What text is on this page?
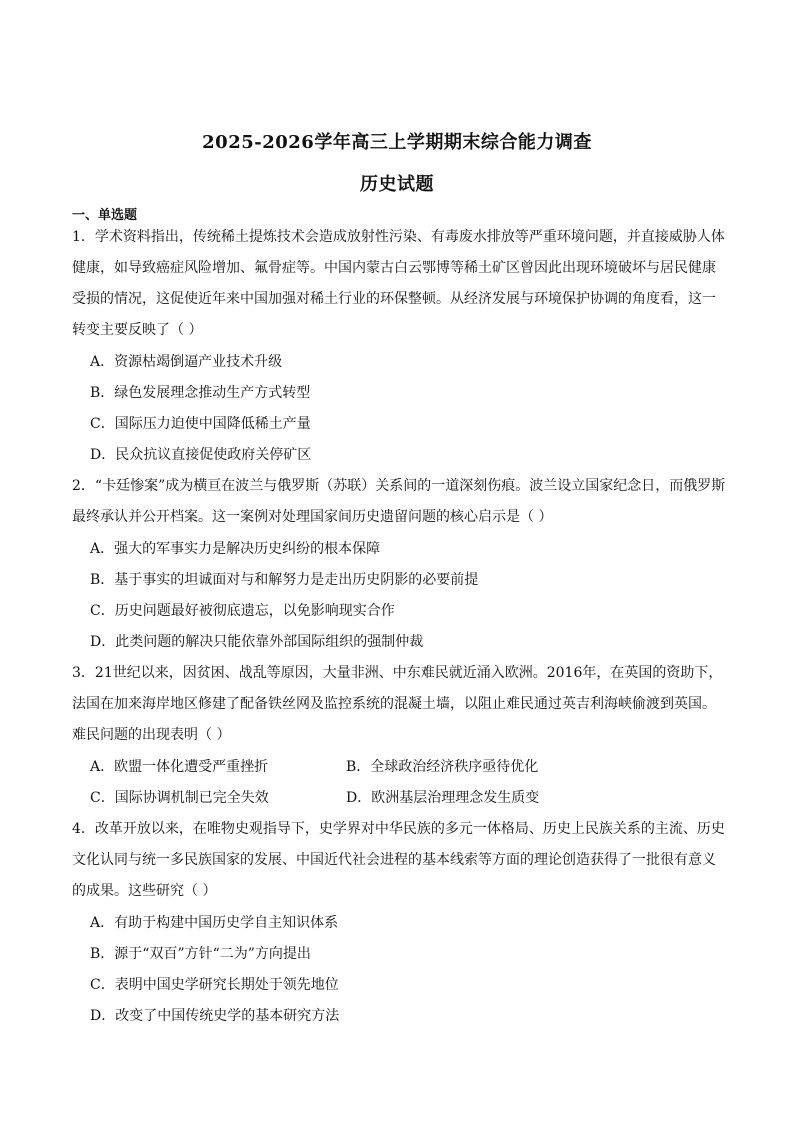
2025-2026学年高三上学期期末综合能力调查
历史试题
一、单选题
1．学术资料指出，传统稀土提炼技术会造成放射性污染、有毒废水排放等严重环境问题，并直接威胁人体
健康，如导致癌症风险增加、氟骨症等。中国内蒙古白云鄂博等稀土矿区曾因此出现环境破坏与居民健康
受损的情况，这促使近年来中国加强对稀土行业的环保整顿。从经济发展与环境保护协调的角度看，这一
转变主要反映了（ ）
A．资源枯竭倒逼产业技术升级
B．绿色发展理念推动生产方式转型
C．国际压力迫使中国降低稀土产量
D．民众抗议直接促使政府关停矿区
2．“卡廷惨案”成为横亘在波兰与俄罗斯（苏联）关系间的一道深刻伤痕。波兰设立国家纪念日，而俄罗斯
最终承认并公开档案。这一案例对处理国家间历史遗留问题的核心启示是（ ）
A．强大的军事实力是解决历史纠纷的根本保障
B．基于事实的坦诚面对与和解努力是走出历史阴影的必要前提
C．历史问题最好被彻底遗忘，以免影响现实合作
D．此类问题的解决只能依靠外部国际组织的强制仲裁
3．21世纪以来，因贫困、战乱等原因，大量非洲、中东难民就近涌入欧洲。2016年，在英国的资助下，
法国在加来海岸地区修建了配备铁丝网及监控系统的混凝土墙，以阻止难民通过英吉利海峡偷渡到英国。
难民问题的出现表明（ ）
A．欧盟一体化遭受严重挫折	B．全球政治经济秩序亟待优化
C．国际协调机制已完全失效	D．欧洲基层治理理念发生质变
4．改革开放以来，在唯物史观指导下，史学界对中华民族的多元一体格局、历史上民族关系的主流、历史
文化认同与统一多民族国家的发展、中国近代社会进程的基本线索等方面的理论创造获得了一批很有意义
的成果。这些研究（ ）
A．有助于构建中国历史学自主知识体系
B．源于“双百”方针“二为”方向提出
C．表明中国史学研究长期处于领先地位
D．改变了中国传统史学的基本研究方法
